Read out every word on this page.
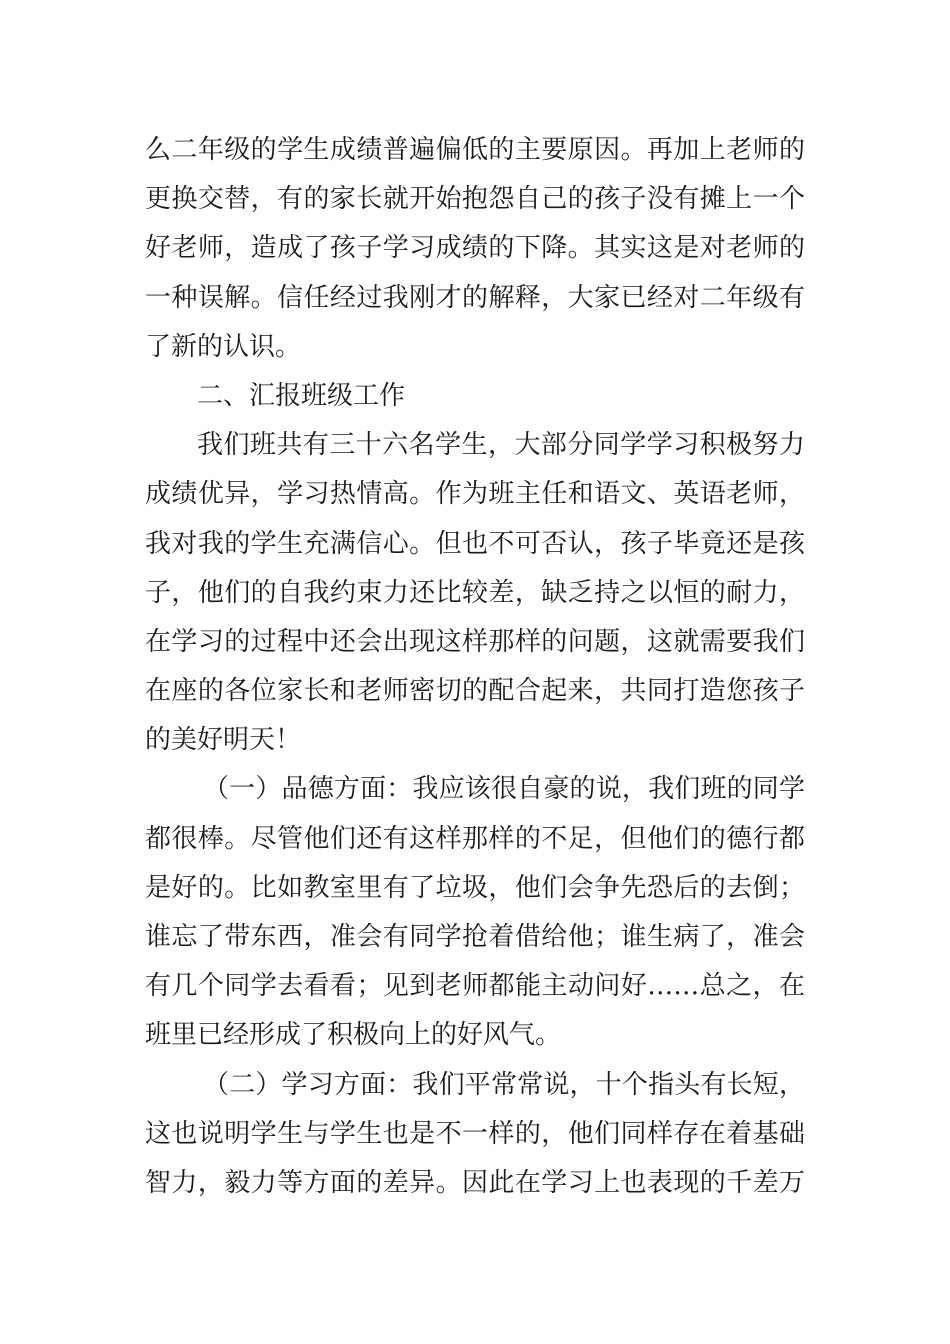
么二年级的学生成绩普遍偏低的主要原因。再加上老师的
更换交替，有的家长就开始抱怨自己的孩子没有摊上一个
好老师，造成了孩子学习成绩的下降。其实这是对老师的
一种误解。信任经过我刚才的解释，大家已经对二年级有
了新的认识。
二、汇报班级工作
我们班共有三十六名学生，大部分同学学习积极努力
成绩优异，学习热情高。作为班主任和语文、英语老师，
我对我的学生充满信心。但也不可否认，孩子毕竟还是孩
子，他们的自我约束力还比较差，缺乏持之以恒的耐力，
在学习的过程中还会出现这样那样的问题，这就需要我们
在座的各位家长和老师密切的配合起来，共同打造您孩子
的美好明天！
（一）品德方面：我应该很自豪的说，我们班的同学
都很棒。尽管他们还有这样那样的不足，但他们的德行都
是好的。比如教室里有了垃圾，他们会争先恐后的去倒；
谁忘了带东西，准会有同学抢着借给他；谁生病了，准会
有几个同学去看看；见到老师都能主动问好……总之，在
班里已经形成了积极向上的好风气。
（二）学习方面：我们平常常说，十个指头有长短，
这也说明学生与学生也是不一样的，他们同样存在着基础
智力，毅力等方面的差异。因此在学习上也表现的千差万
